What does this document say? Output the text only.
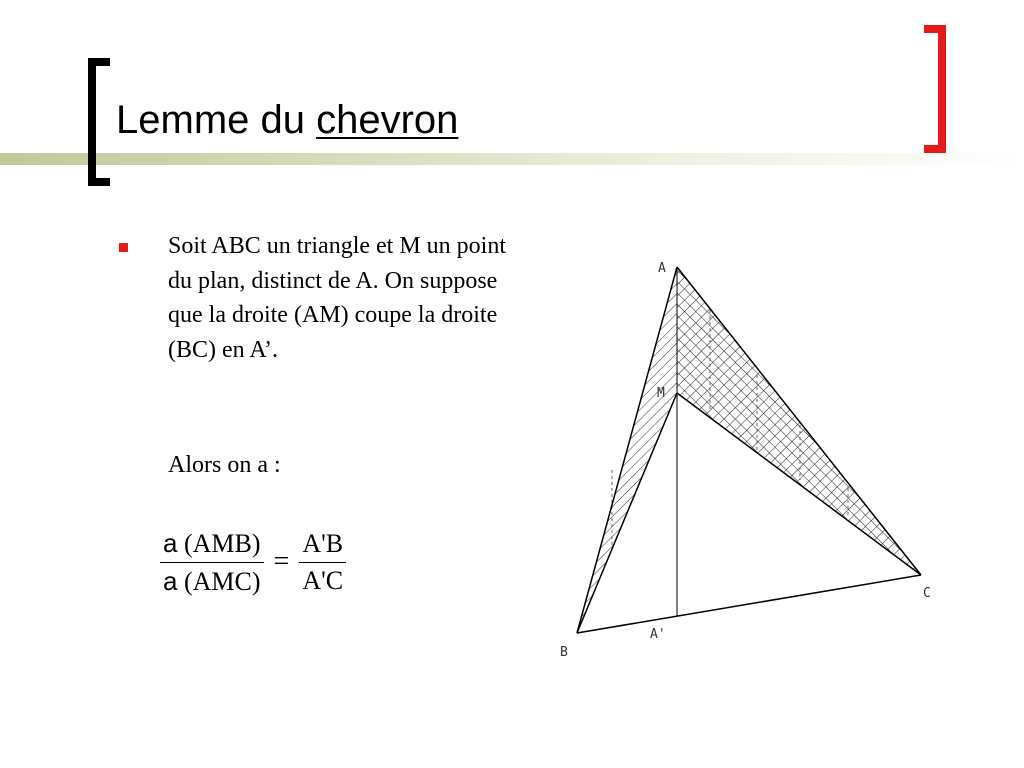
Lemme du chevron

Soit ABC un triangle et M un point du plan, distinct de A. On suppose que la droite (AM) coupe la droite (BC) en A’.

Alors on a :

$\frac{\text{a (AMB)}}{\text{a (AMC)}} = \frac{A'B}{A'C}$
A
M
B
C
A'
